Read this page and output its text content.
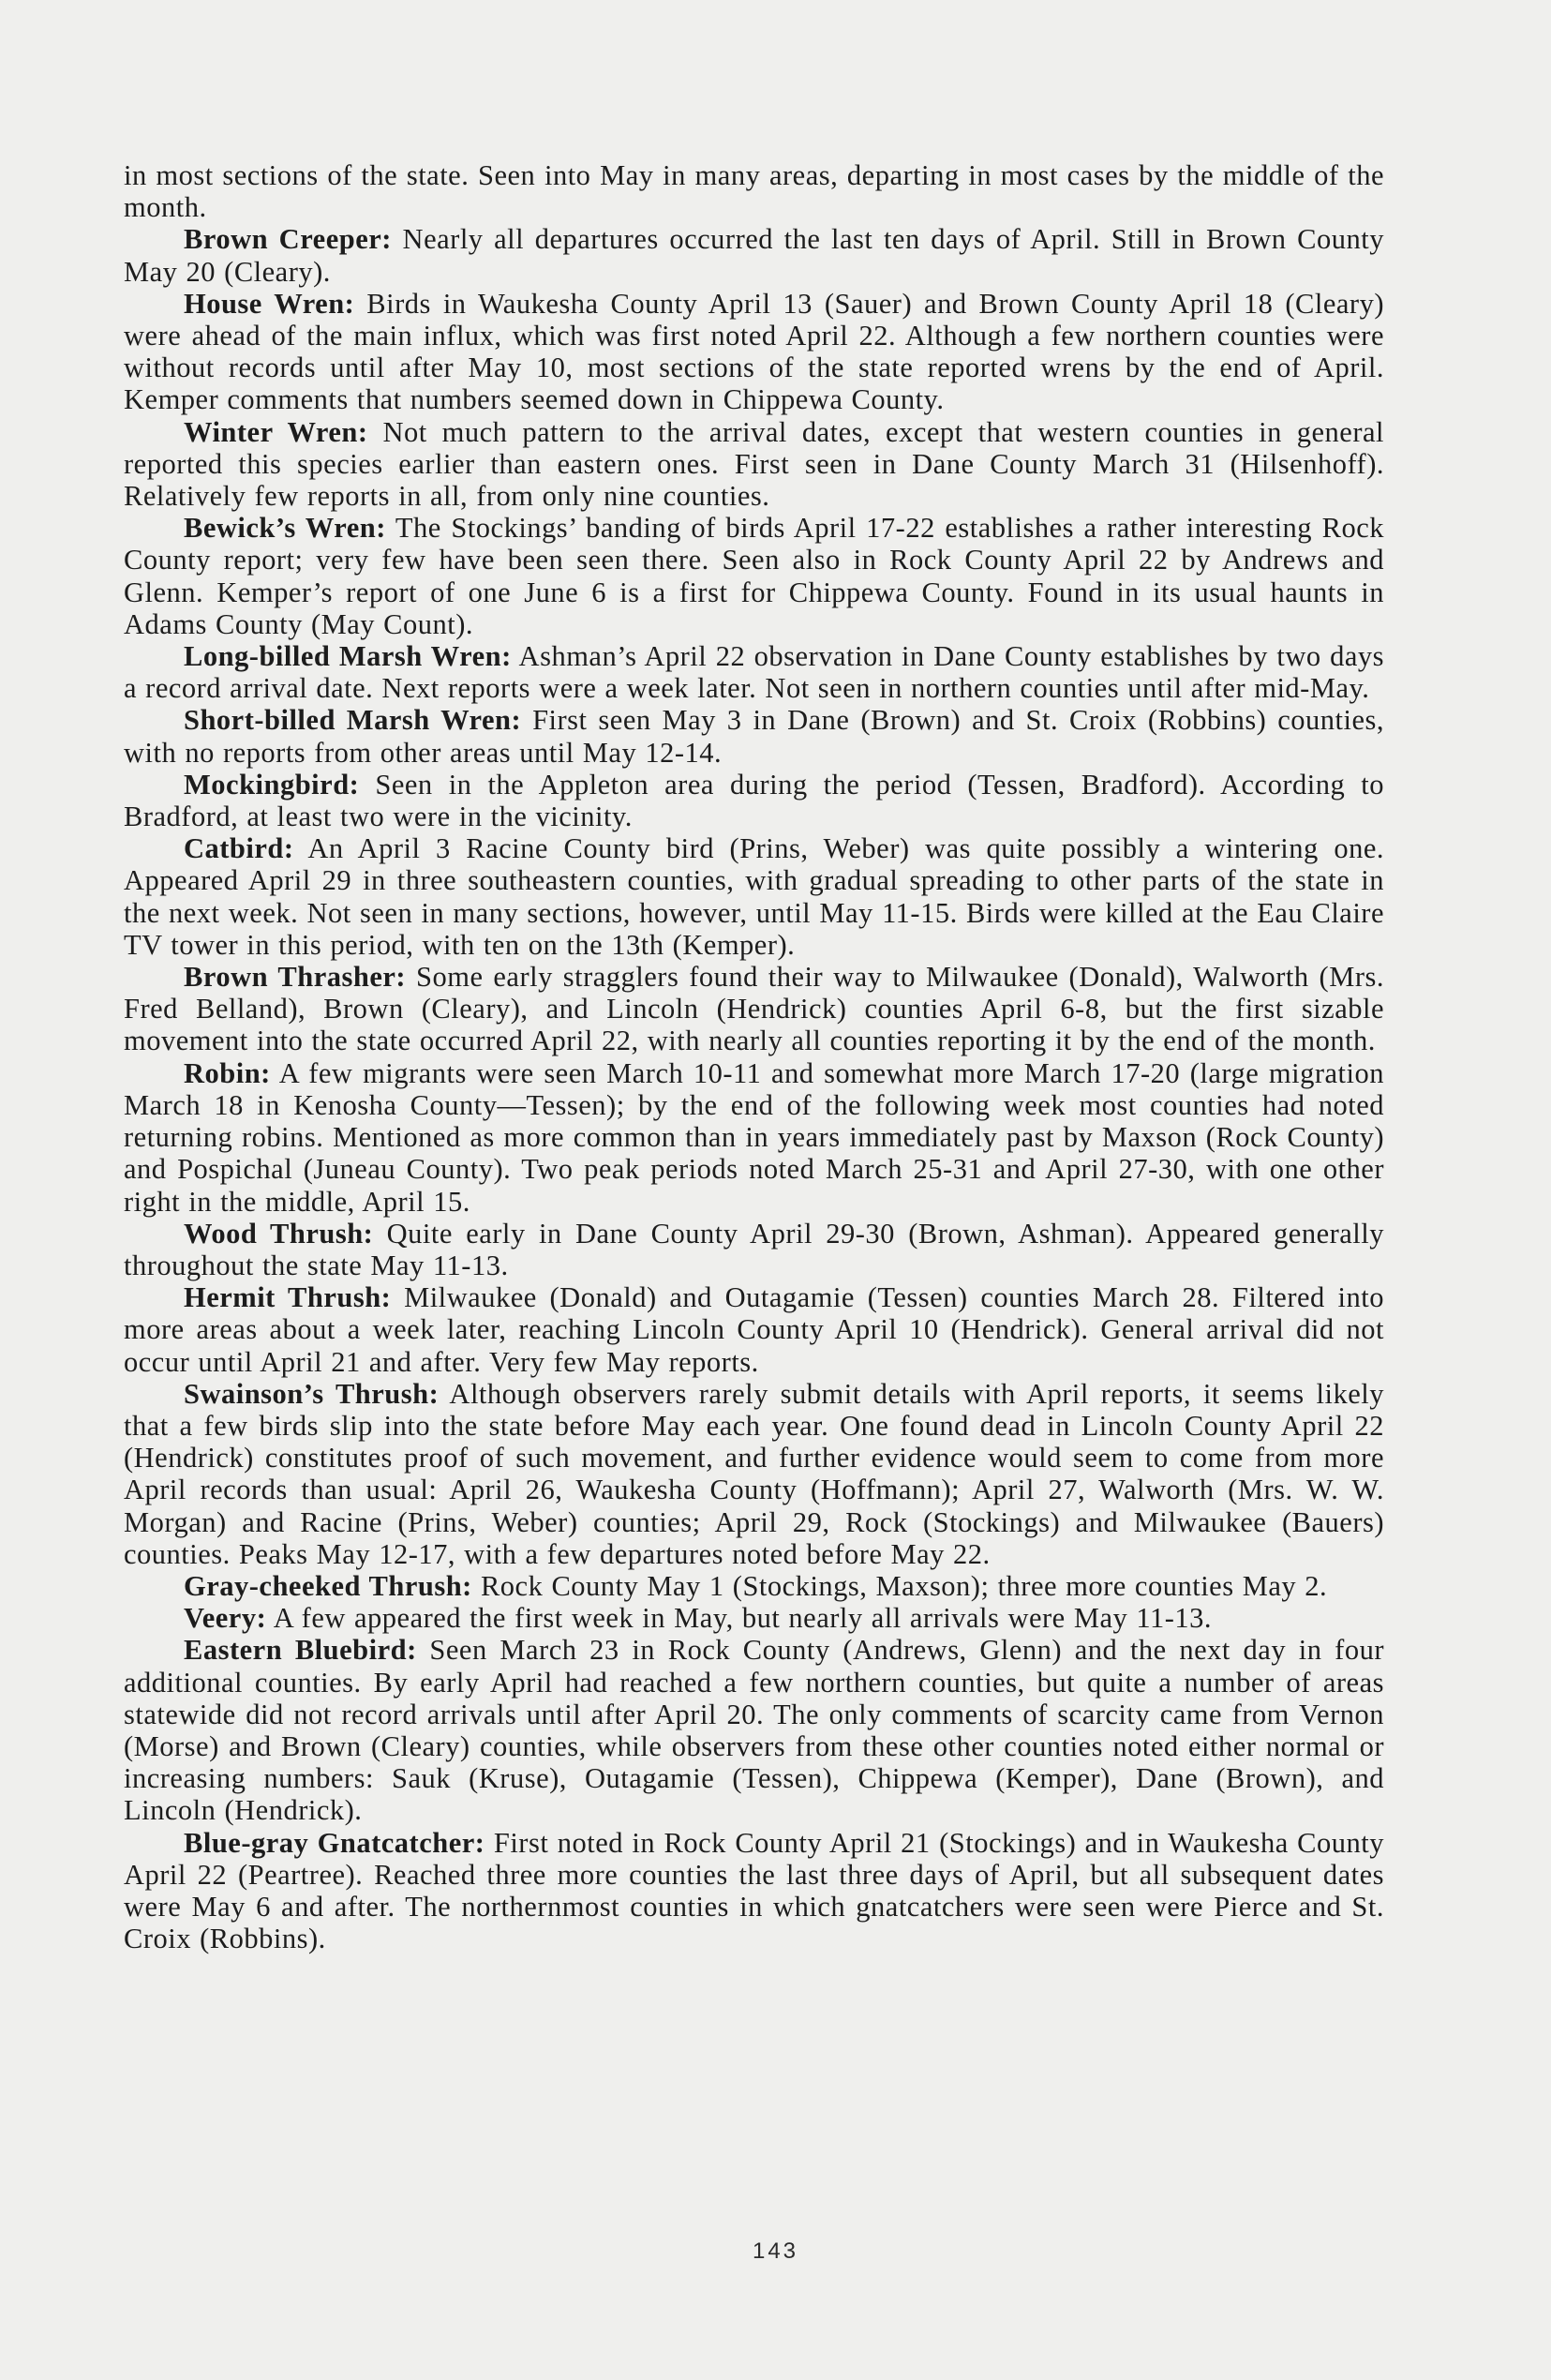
in most sections of the state. Seen into May in many areas, departing in most cases by the middle of the month.

Brown Creeper: Nearly all departures occurred the last ten days of April. Still in Brown County May 20 (Cleary).

House Wren: Birds in Waukesha County April 13 (Sauer) and Brown County April 18 (Cleary) were ahead of the main influx, which was first noted April 22. Although a few northern counties were without records until after May 10, most sections of the state reported wrens by the end of April. Kemper comments that numbers seemed down in Chippewa County.

Winter Wren: Not much pattern to the arrival dates, except that western counties in general reported this species earlier than eastern ones. First seen in Dane County March 31 (Hilsenhoff). Relatively few reports in all, from only nine counties.

Bewick’s Wren: The Stockings’ banding of birds April 17-22 establishes a rather interesting Rock County report; very few have been seen there. Seen also in Rock County April 22 by Andrews and Glenn. Kemper’s report of one June 6 is a first for Chippewa County. Found in its usual haunts in Adams County (May Count).

Long-billed Marsh Wren: Ashman’s April 22 observation in Dane County establishes by two days a record arrival date. Next reports were a week later. Not seen in northern counties until after mid-May.

Short-billed Marsh Wren: First seen May 3 in Dane (Brown) and St. Croix (Robbins) counties, with no reports from other areas until May 12-14.

Mockingbird: Seen in the Appleton area during the period (Tessen, Bradford). According to Bradford, at least two were in the vicinity.

Catbird: An April 3 Racine County bird (Prins, Weber) was quite possibly a wintering one. Appeared April 29 in three southeastern counties, with gradual spreading to other parts of the state in the next week. Not seen in many sections, however, until May 11-15. Birds were killed at the Eau Claire TV tower in this period, with ten on the 13th (Kemper).

Brown Thrasher: Some early stragglers found their way to Milwaukee (Donald), Walworth (Mrs. Fred Belland), Brown (Cleary), and Lincoln (Hendrick) counties April 6-8, but the first sizable movement into the state occurred April 22, with nearly all counties reporting it by the end of the month.

Robin: A few migrants were seen March 10-11 and somewhat more March 17-20 (large migration March 18 in Kenosha County—Tessen); by the end of the following week most counties had noted returning robins. Mentioned as more common than in years immediately past by Maxson (Rock County) and Pospichal (Juneau County). Two peak periods noted March 25-31 and April 27-30, with one other right in the middle, April 15.

Wood Thrush: Quite early in Dane County April 29-30 (Brown, Ashman). Appeared generally throughout the state May 11-13.

Hermit Thrush: Milwaukee (Donald) and Outagamie (Tessen) counties March 28. Filtered into more areas about a week later, reaching Lincoln County April 10 (Hendrick). General arrival did not occur until April 21 and after. Very few May reports.

Swainson’s Thrush: Although observers rarely submit details with April reports, it seems likely that a few birds slip into the state before May each year. One found dead in Lincoln County April 22 (Hendrick) constitutes proof of such movement, and further evidence would seem to come from more April records than usual: April 26, Waukesha County (Hoffmann); April 27, Walworth (Mrs. W. W. Morgan) and Racine (Prins, Weber) counties; April 29, Rock (Stockings) and Milwaukee (Bauers) counties. Peaks May 12-17, with a few departures noted before May 22.

Gray-cheeked Thrush: Rock County May 1 (Stockings, Maxson); three more counties May 2.

Veery: A few appeared the first week in May, but nearly all arrivals were May 11-13.

Eastern Bluebird: Seen March 23 in Rock County (Andrews, Glenn) and the next day in four additional counties. By early April had reached a few northern counties, but quite a number of areas statewide did not record arrivals until after April 20. The only comments of scarcity came from Vernon (Morse) and Brown (Cleary) counties, while observers from these other counties noted either normal or increasing numbers: Sauk (Kruse), Outagamie (Tessen), Chippewa (Kemper), Dane (Brown), and Lincoln (Hendrick).

Blue-gray Gnatcatcher: First noted in Rock County April 21 (Stockings) and in Waukesha County April 22 (Peartree). Reached three more counties the last three days of April, but all subsequent dates were May 6 and after. The northernmost counties in which gnatcatchers were seen were Pierce and St. Croix (Robbins).

143
